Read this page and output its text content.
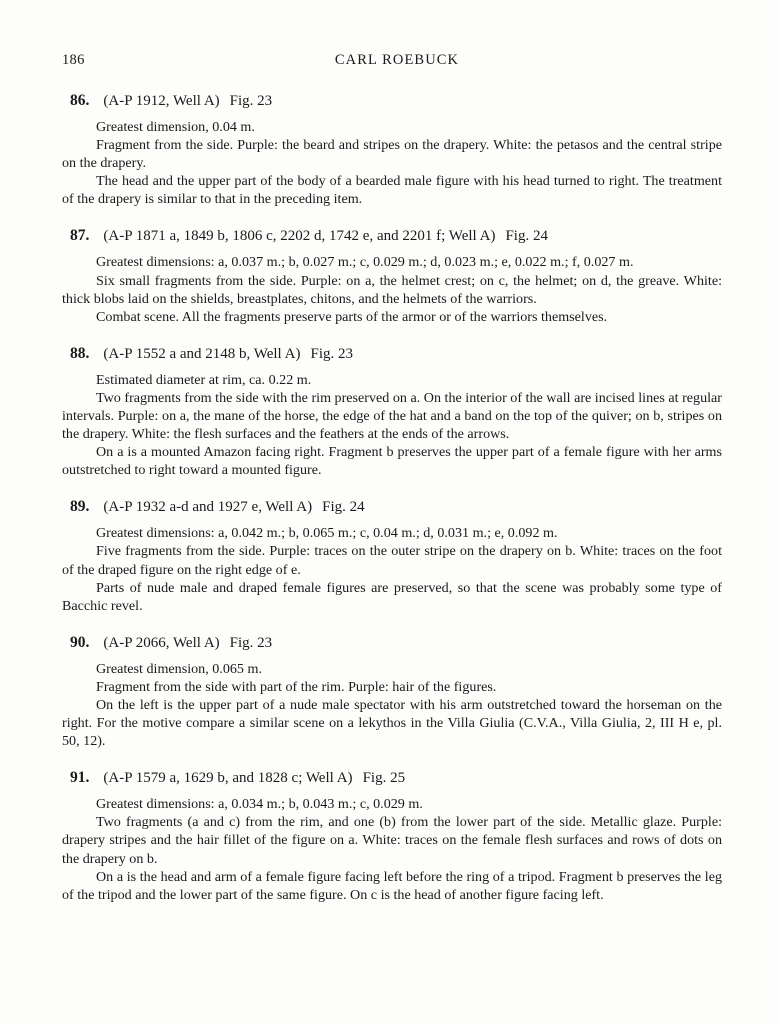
186	CARL ROEBUCK
86. (A-P 1912, Well A) Fig. 23

Greatest dimension, 0.04 m.

Fragment from the side. Purple: the beard and stripes on the drapery. White: the petasos and the central stripe on the drapery.

The head and the upper part of the body of a bearded male figure with his head turned to right. The treatment of the drapery is similar to that in the preceding item.

87. (A-P 1871 a, 1849 b, 1806 c, 2202 d, 1742 e, and 2201 f; Well A) Fig. 24

Greatest dimensions: a, 0.037 m.; b, 0.027 m.; c, 0.029 m.; d, 0.023 m.; e, 0.022 m.; f, 0.027 m.

Six small fragments from the side. Purple: on a, the helmet crest; on c, the helmet; on d, the greave. White: thick blobs laid on the shields, breastplates, chitons, and the helmets of the warriors.

Combat scene. All the fragments preserve parts of the armor or of the warriors themselves.

88. (A-P 1552 a and 2148 b, Well A) Fig. 23

Estimated diameter at rim, ca. 0.22 m.

Two fragments from the side with the rim preserved on a. On the interior of the wall are incised lines at regular intervals. Purple: on a, the mane of the horse, the edge of the hat and a band on the top of the quiver; on b, stripes on the drapery. White: the flesh surfaces and the feathers at the ends of the arrows.

On a is a mounted Amazon facing right. Fragment b preserves the upper part of a female figure with her arms outstretched to right toward a mounted figure.

89. (A-P 1932 a-d and 1927 e, Well A) Fig. 24

Greatest dimensions: a, 0.042 m.; b, 0.065 m.; c, 0.04 m.; d, 0.031 m.; e, 0.092 m.

Five fragments from the side. Purple: traces on the outer stripe on the drapery on b. White: traces on the foot of the draped figure on the right edge of e.

Parts of nude male and draped female figures are preserved, so that the scene was probably some type of Bacchic revel.

90. (A-P 2066, Well A) Fig. 23

Greatest dimension, 0.065 m.

Fragment from the side with part of the rim. Purple: hair of the figures.

On the left is the upper part of a nude male spectator with his arm outstretched toward the horseman on the right. For the motive compare a similar scene on a lekythos in the Villa Giulia (C.V.A., Villa Giulia, 2, III H e, pl. 50, 12).

91. (A-P 1579 a, 1629 b, and 1828 c; Well A) Fig. 25

Greatest dimensions: a, 0.034 m.; b, 0.043 m.; c, 0.029 m.

Two fragments (a and c) from the rim, and one (b) from the lower part of the side. Metallic glaze. Purple: drapery stripes and the hair fillet of the figure on a. White: traces on the female flesh surfaces and rows of dots on the drapery on b.

On a is the head and arm of a female figure facing left before the ring of a tripod. Fragment b preserves the leg of the tripod and the lower part of the same figure. On c is the head of another figure facing left.
